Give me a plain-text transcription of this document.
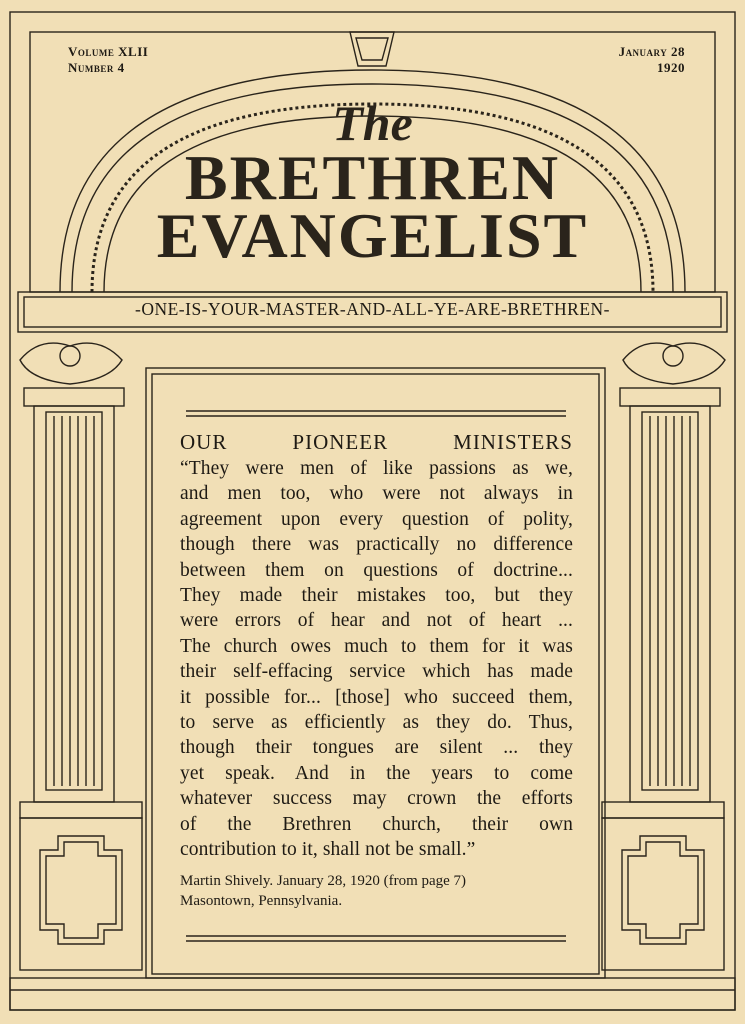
Volume XLII
Number 4
January 28
1920
The
BRETHREN
EVANGELIST
-ONE-IS-YOUR-MASTER-AND-ALL-YE-ARE-BRETHREN-
OUR	PIONEER	MINISTERS
“They were men of like passions as we,
and men too, who were not always in
agreement upon every question of polity,
though there was practically no difference
between them on questions of doctrine...
They made their mistakes too, but they
were errors of hear and not of heart ...
The church owes much to them for it was
their self-effacing service which has made
it possible for... [those] who succeed them,
to serve as efficiently as they do. Thus,
though their tongues are silent ... they
yet speak. And in the years to come
whatever success may crown the efforts
of the Brethren church, their own
contribution to it, shall not be small.”
Martin Shively. January 28, 1920 (from page 7)
Masontown, Pennsylvania.
